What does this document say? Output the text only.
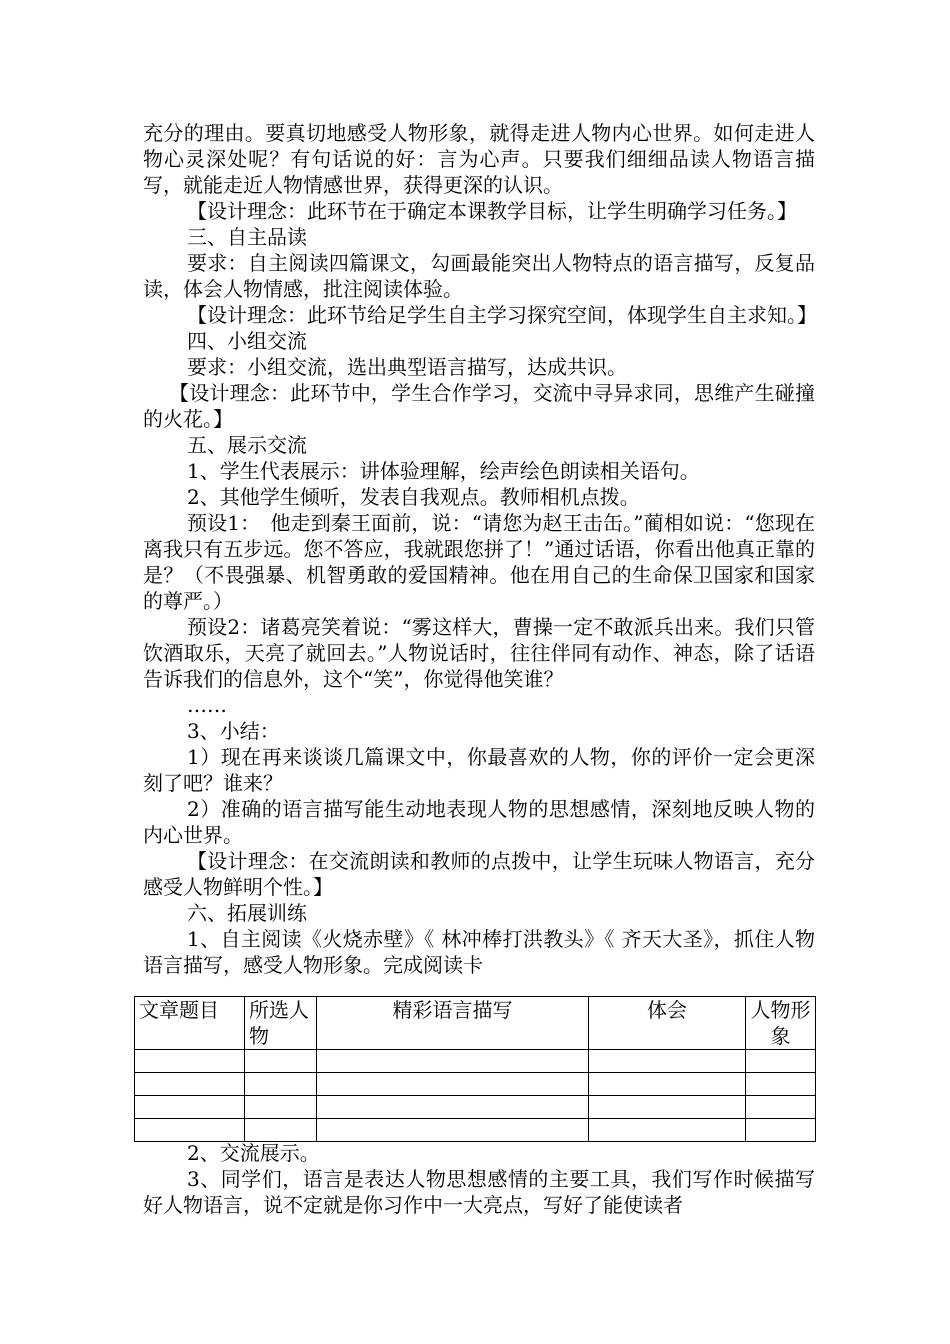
充分的理由。要真切地感受人物形象，就得走进人物内心世界。如何走进人物心灵深处呢？有句话说的好：言为心声。只要我们细细品读人物语言描写，就能走近人物情感世界，获得更深的认识。

【设计理念：此环节在于确定本课教学目标，让学生明确学习任务。】

三、自主品读

要求：自主阅读四篇课文，勾画最能突出人物特点的语言描写，反复品读，体会人物情感，批注阅读体验。

【设计理念：此环节给足学生自主学习探究空间，体现学生自主求知。】

四、小组交流

要求：小组交流，选出典型语言描写，达成共识。

【设计理念：此环节中，学生合作学习，交流中寻异求同，思维产生碰撞的火花。】

五、展示交流

1、学生代表展示：讲体验理解，绘声绘色朗读相关语句。

2、其他学生倾听，发表自我观点。教师相机点拨。

预设1：　他走到秦王面前，说：“请您为赵王击缶。”蔺相如说：“您现在离我只有五步远。您不答应，我就跟您拼了！”通过话语，你看出他真正靠的是？（不畏强暴、机智勇敢的爱国精神。他在用自己的生命保卫国家和国家的尊严。）

预设2：诸葛亮笑着说：“雾这样大，曹操一定不敢派兵出来。我们只管饮酒取乐，天亮了就回去。”人物说话时，往往伴同有动作、神态，除了话语告诉我们的信息外，这个“笑”，你觉得他笑谁？

……

3、小结：

1）现在再来谈谈几篇课文中，你最喜欢的人物，你的评价一定会更深刻了吧？谁来？

2）准确的语言描写能生动地表现人物的思想感情，深刻地反映人物的内心世界。

【设计理念：在交流朗读和教师的点拨中，让学生玩味人物语言，充分感受人物鲜明个性。】

六、拓展训练

1、自主阅读《火烧赤壁》《 林冲棒打洪教头》《 齐天大圣》，抓住人物语言描写，感受人物形象。完成阅读卡

文章题目	所选人物	精彩语言描写	体会	人物形象

2、交流展示。

3、同学们，语言是表达人物思想感情的主要工具，我们写作时候描写好人物语言，说不定就是你习作中一大亮点，写好了能使读者
